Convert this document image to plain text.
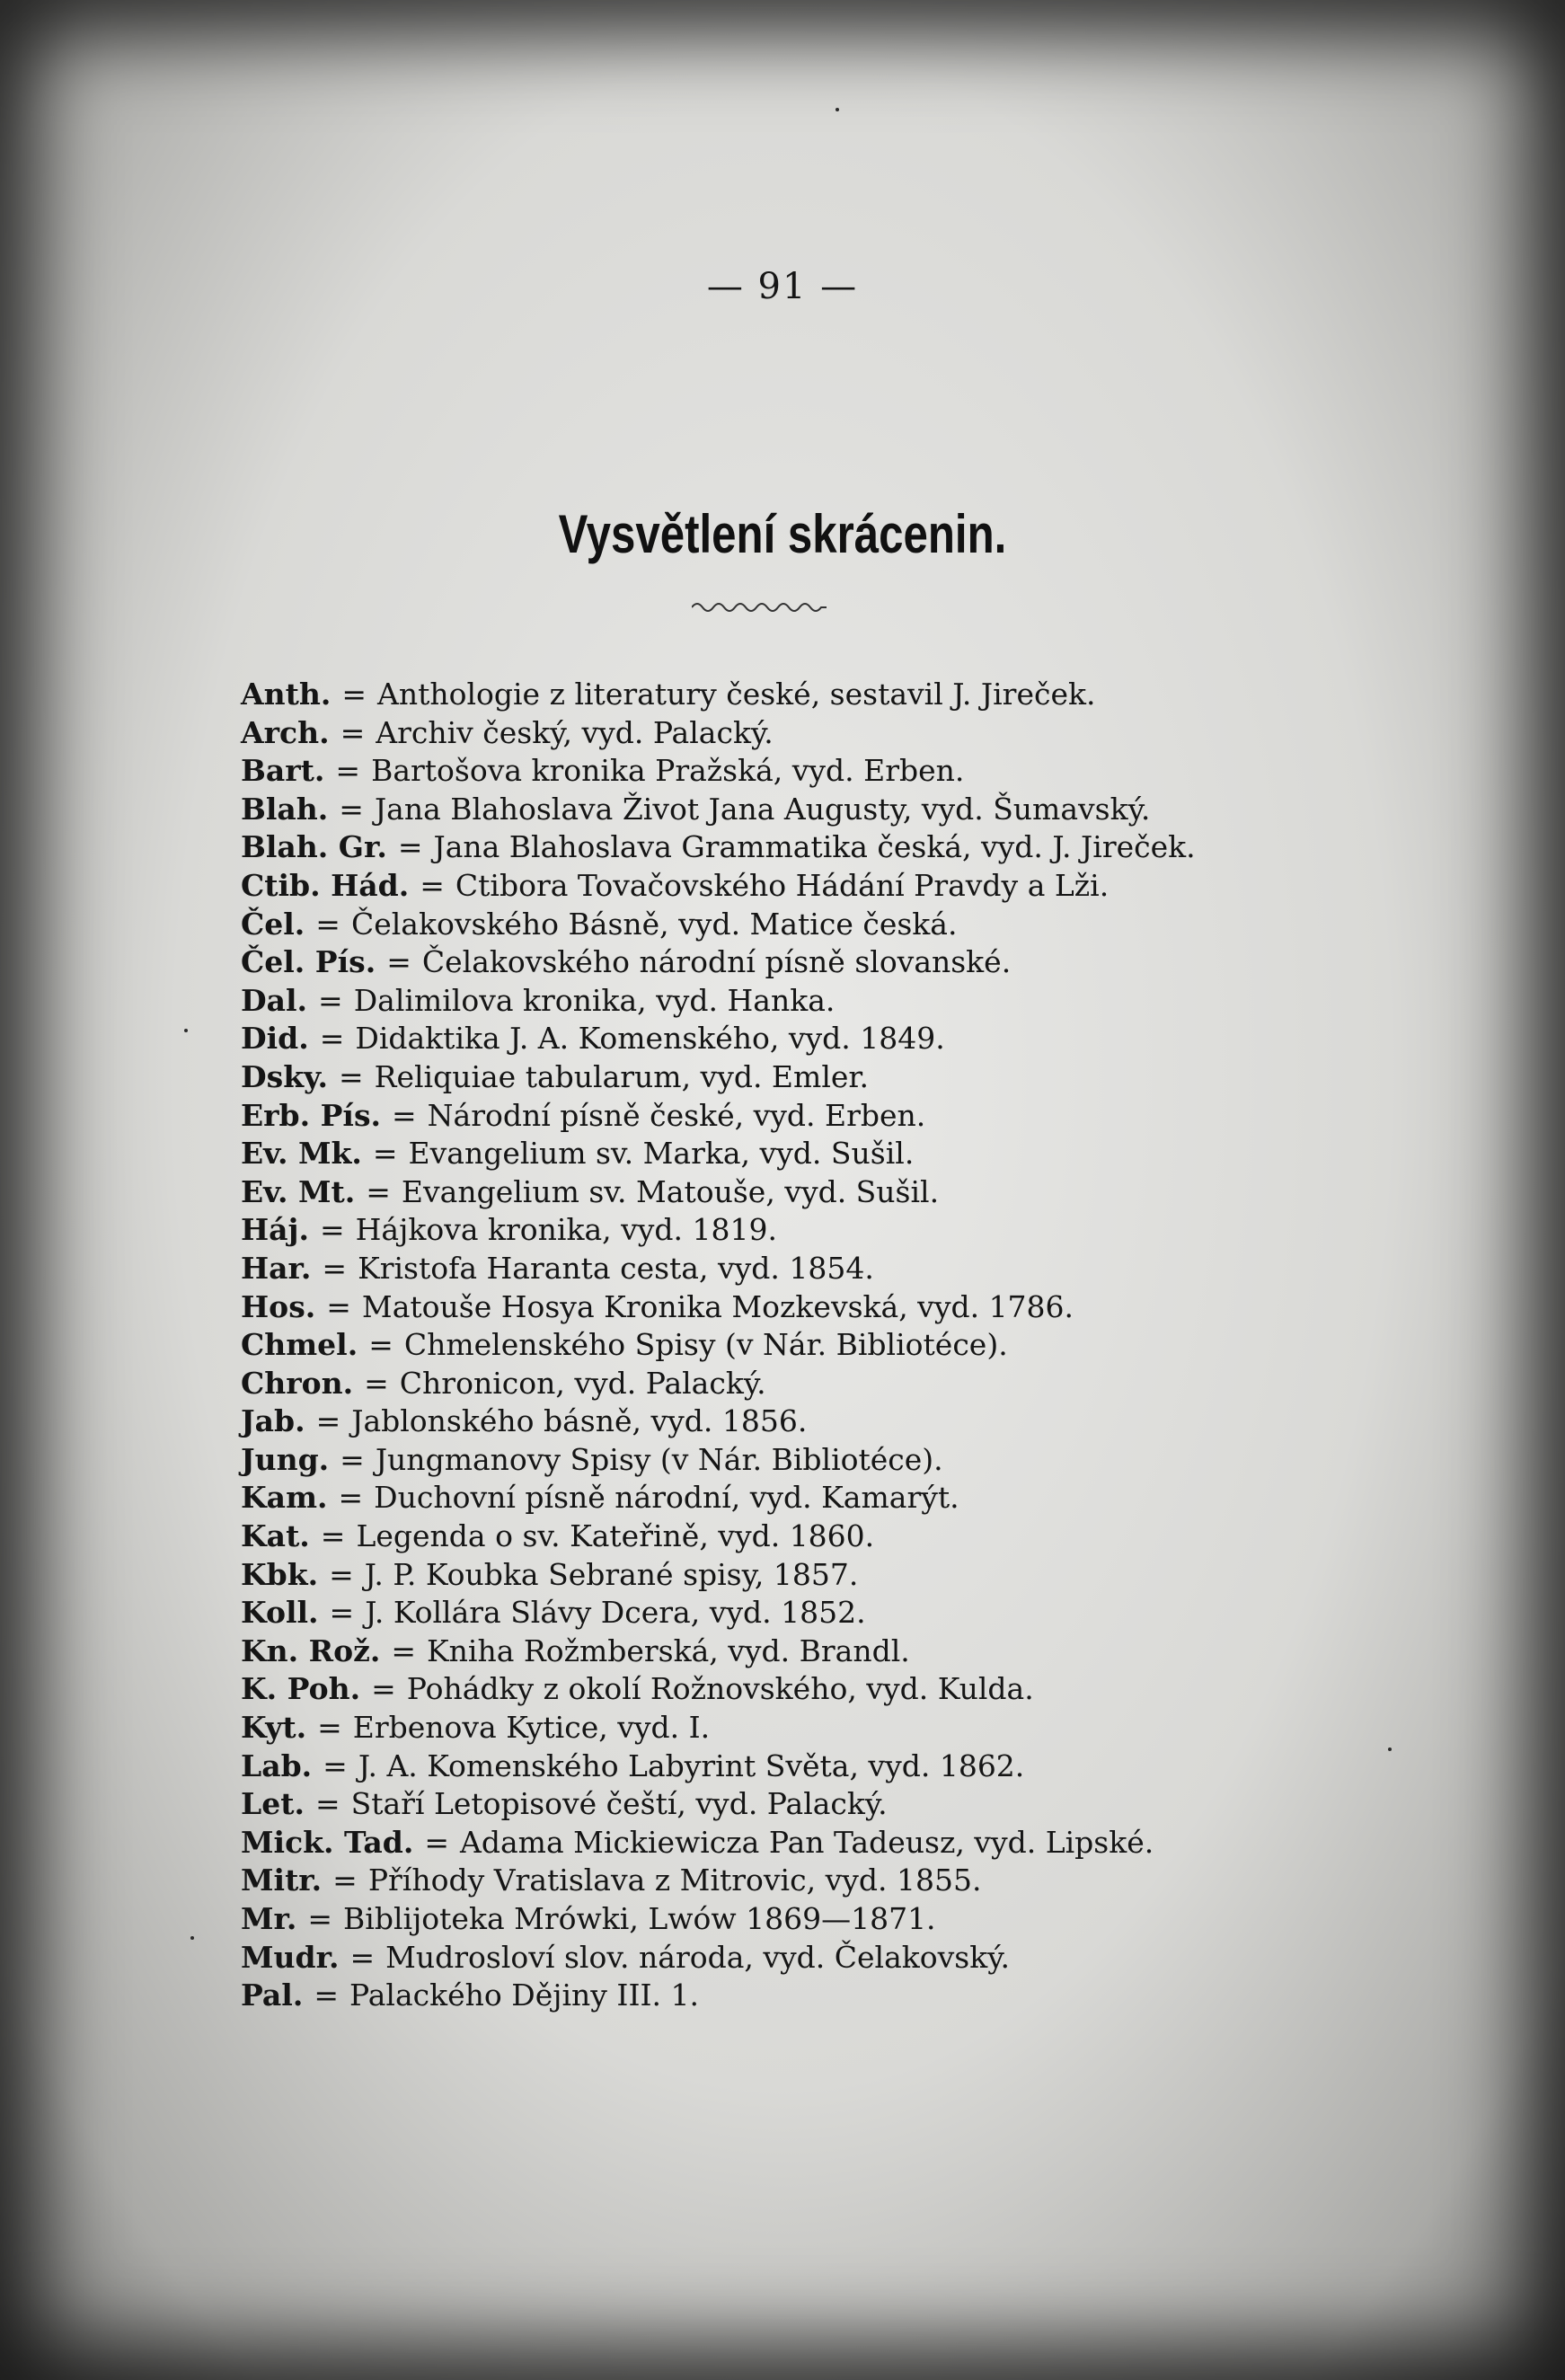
— 91 —
Vysvětlení skrácenin.
Anth. = Anthologie z literatury české, sestavil J. Jireček.
Arch. = Archiv český, vyd. Palacký.
Bart. = Bartošova kronika Pražská, vyd. Erben.
Blah. = Jana Blahoslava Život Jana Augusty, vyd. Šumavský.
Blah. Gr. = Jana Blahoslava Grammatika česká, vyd. J. Jireček.
Ctib. Hád. = Ctibora Tovačovského Hádání Pravdy a Lži.
Čel. = Čelakovského Básně, vyd. Matice česká.
Čel. Pís. = Čelakovského národní písně slovanské.
Dal. = Dalimilova kronika, vyd. Hanka.
Did. = Didaktika J. A. Komenského, vyd. 1849.
Dsky. = Reliquiae tabularum, vyd. Emler.
Erb. Pís. = Národní písně české, vyd. Erben.
Ev. Mk. = Evangelium sv. Marka, vyd. Sušil.
Ev. Mt. = Evangelium sv. Matouše, vyd. Sušil.
Háj. = Hájkova kronika, vyd. 1819.
Har. = Kristofa Haranta cesta, vyd. 1854.
Hos. = Matouše Hosya Kronika Mozkevská, vyd. 1786.
Chmel. = Chmelenského Spisy (v Nár. Bibliotéce).
Chron. = Chronicon, vyd. Palacký.
Jab. = Jablonského básně, vyd. 1856.
Jung. = Jungmanovy Spisy (v Nár. Bibliotéce).
Kam. = Duchovní písně národní, vyd. Kamarýt.
Kat. = Legenda o sv. Kateřině, vyd. 1860.
Kbk. = J. P. Koubka Sebrané spisy, 1857.
Koll. = J. Kollára Slávy Dcera, vyd. 1852.
Kn. Rož. = Kniha Rožmberská, vyd. Brandl.
K. Poh. = Pohádky z okolí Rožnovského, vyd. Kulda.
Kyt. = Erbenova Kytice, vyd. I.
Lab. = J. A. Komenského Labyrint Světa, vyd. 1862.
Let. = Staří Letopisové čeští, vyd. Palacký.
Mick. Tad. = Adama Mickiewicza Pan Tadeusz, vyd. Lipské.
Mitr. = Příhody Vratislava z Mitrovic, vyd. 1855.
Mr. = Biblijoteka Mrówki, Lwów 1869—1871.
Mudr. = Mudrosloví slov. národa, vyd. Čelakovský.
Pal. = Palackého Dějiny III. 1.
